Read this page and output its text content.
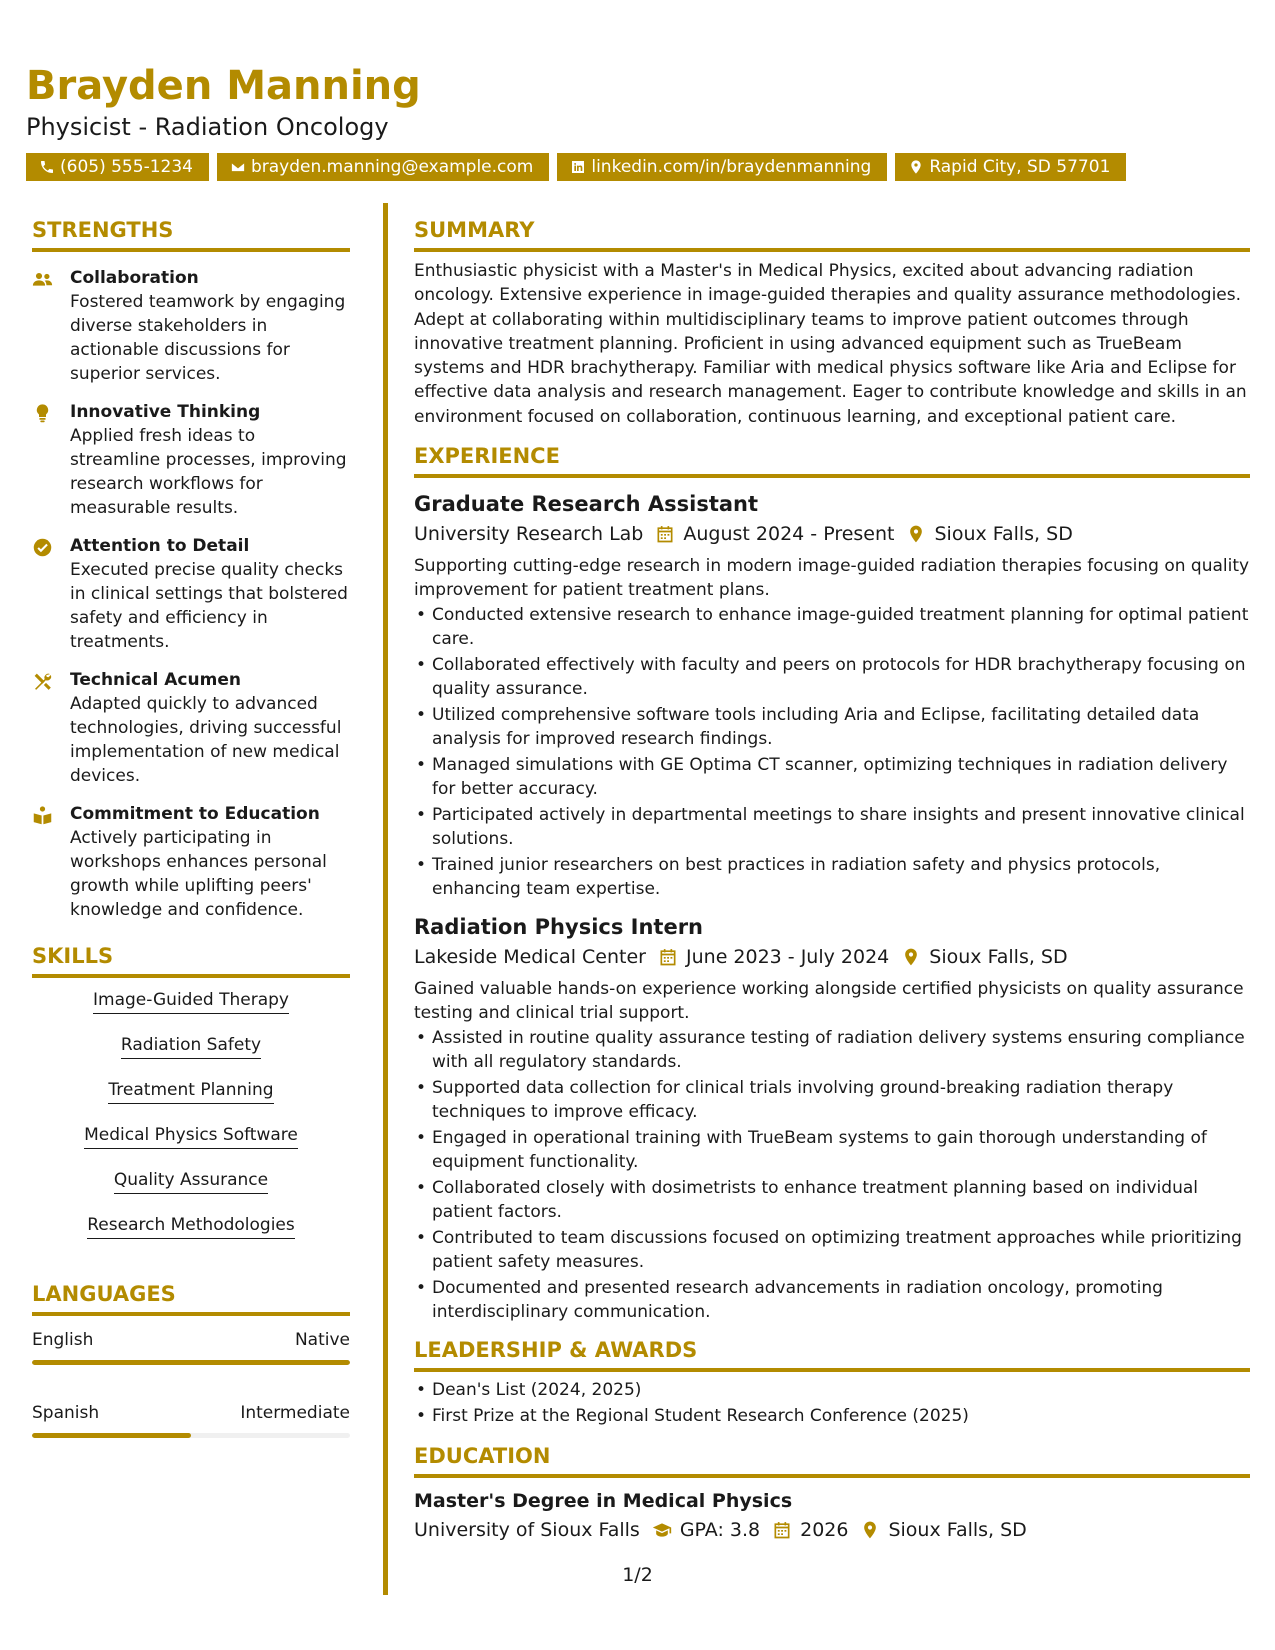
Brayden Manning
Physicist - Radiation Oncology
(605) 555-1234	brayden.manning@example.com	linkedin.com/in/braydenmanning	Rapid City, SD 57701
STRENGTHS
Collaboration
Fostered teamwork by engaging diverse stakeholders in actionable discussions for superior services.
Innovative Thinking
Applied fresh ideas to streamline processes, improving research workflows for measurable results.
Attention to Detail
Executed precise quality checks in clinical settings that bolstered safety and efficiency in treatments.
Technical Acumen
Adapted quickly to advanced technologies, driving successful implementation of new medical devices.
Commitment to Education
Actively participating in workshops enhances personal growth while uplifting peers' knowledge and confidence.
SKILLS
Image-Guided Therapy
Radiation Safety
Treatment Planning
Medical Physics Software
Quality Assurance
Research Methodologies
LANGUAGES
English	Native
Spanish	Intermediate
SUMMARY

Enthusiastic physicist with a Master's in Medical Physics, excited about advancing radiation oncology. Extensive experience in image-guided therapies and quality assurance methodologies. Adept at collaborating within multidisciplinary teams to improve patient outcomes through innovative treatment planning. Proficient in using advanced equipment such as TrueBeam systems and HDR brachytherapy. Familiar with medical physics software like Aria and Eclipse for effective data analysis and research management. Eager to contribute knowledge and skills in an environment focused on collaboration, continuous learning, and exceptional patient care.

EXPERIENCE
Graduate Research Assistant
University Research Lab August 2024 - Present Sioux Falls, SD
Supporting cutting-edge research in modern image-guided radiation therapies focusing on quality improvement for patient treatment plans.
• Conducted extensive research to enhance image-guided treatment planning for optimal patient care.
• Collaborated effectively with faculty and peers on protocols for HDR brachytherapy focusing on quality assurance.
• Utilized comprehensive software tools including Aria and Eclipse, facilitating detailed data analysis for improved research findings.
• Managed simulations with GE Optima CT scanner, optimizing techniques in radiation delivery for better accuracy.
• Participated actively in departmental meetings to share insights and present innovative clinical solutions.
• Trained junior researchers on best practices in radiation safety and physics protocols, enhancing team expertise.
Radiation Physics Intern
Lakeside Medical Center June 2023 - July 2024 Sioux Falls, SD
Gained valuable hands-on experience working alongside certified physicists on quality assurance testing and clinical trial support.
• Assisted in routine quality assurance testing of radiation delivery systems ensuring compliance with all regulatory standards.
• Supported data collection for clinical trials involving ground-breaking radiation therapy techniques to improve efficacy.
• Engaged in operational training with TrueBeam systems to gain thorough understanding of equipment functionality.
• Collaborated closely with dosimetrists to enhance treatment planning based on individual patient factors.
• Contributed to team discussions focused on optimizing treatment approaches while prioritizing patient safety measures.
• Documented and presented research advancements in radiation oncology, promoting interdisciplinary communication.
LEADERSHIP & AWARDS
• Dean's List (2024, 2025)
• First Prize at the Regional Student Research Conference (2025)
EDUCATION
Master's Degree in Medical Physics
University of Sioux Falls GPA: 3.8 2026 Sioux Falls, SD
1/2
